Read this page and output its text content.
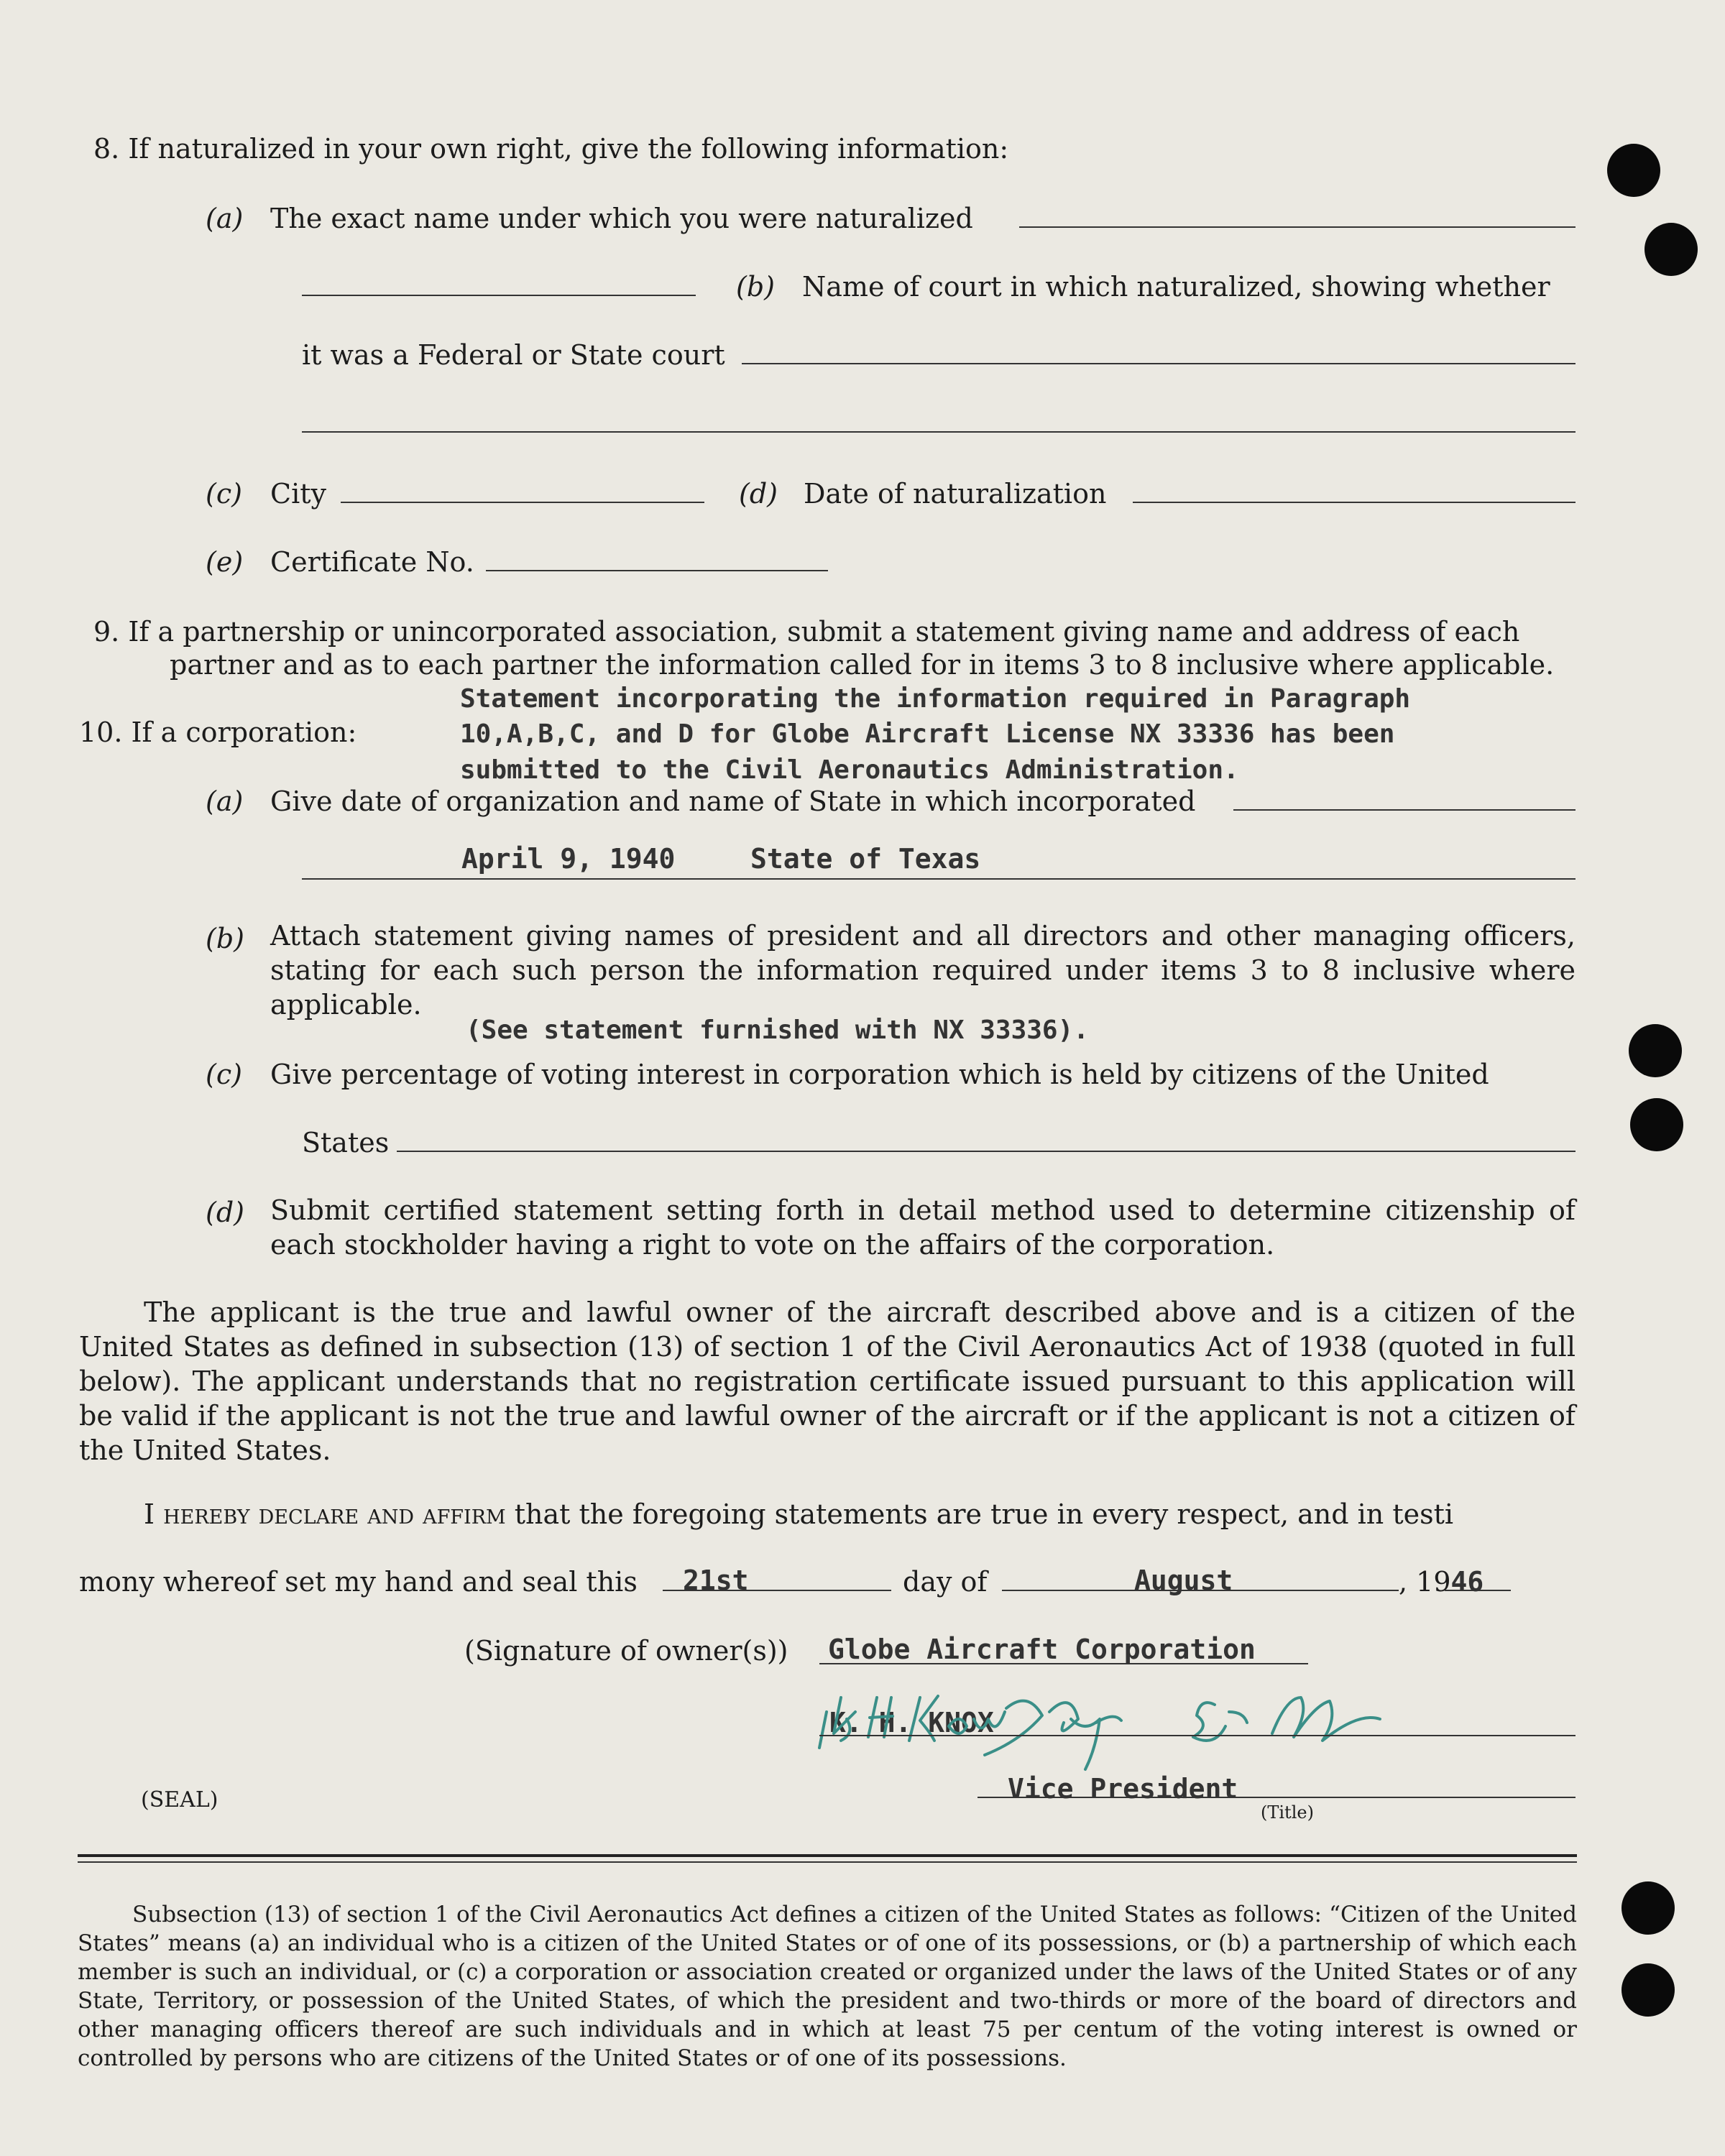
8. If naturalized in your own right, give the following information:
(a) The exact name under which you were naturalized
(b) Name of court in which naturalized, showing whether
it was a Federal or State court
(c) City	(d) Date of naturalization
(e) Certificate No.
9. If a partnership or unincorporated association, submit a statement giving name and address of each
partner and as to each partner the information called for in items 3 to 8 inclusive where applicable.
10. If a corporation:
Statement incorporating the information required in Paragraph
10,A,B,C, and D for Globe Aircraft License NX 33336 has been
submitted to the Civil Aeronautics Administration.
(a) Give date of organization and name of State in which incorporated
April 9, 1940	State of Texas
(b) Attach statement giving names of president and all directors and other managing officers, stating for each such person the information required under items 3 to 8 inclusive where applicable.
(See statement furnished with NX 33336).
(c) Give percentage of voting interest in corporation which is held by citizens of the United
States
(d) Submit certified statement setting forth in detail method used to determine citizenship of each stockholder having a right to vote on the affairs of the corporation.
The applicant is the true and lawful owner of the aircraft described above and is a citizen of the United States as defined in subsection (13) of section 1 of the Civil Aeronautics Act of 1938 (quoted in full below). The applicant understands that no registration certificate issued pursuant to this application will be valid if the applicant is not the true and lawful owner of the aircraft or if the applicant is not a citizen of the United States.
I hereby declare and affirm that the foregoing statements are true in every respect, and in testi
mony whereof set my hand and seal this 21st	day of	August	, 1946
(Signature of owner(s)) Globe Aircraft Corporation
K. H. KNOX
(SEAL)	Vice President
(Title)
Subsection (13) of section 1 of the Civil Aeronautics Act defines a citizen of the United States as follows: “Citizen of the United States” means (a) an individual who is a citizen of the United States or of one of its possessions, or (b) a partnership of which each member is such an individual, or (c) a corporation or association created or organized under the laws of the United States or of any State, Territory, or possession of the United States, of which the president and two-thirds or more of the board of directors and other managing officers thereof are such individuals and in which at least 75 per centum of the voting interest is owned or controlled by persons who are citizens of the United States or of one of its possessions.
